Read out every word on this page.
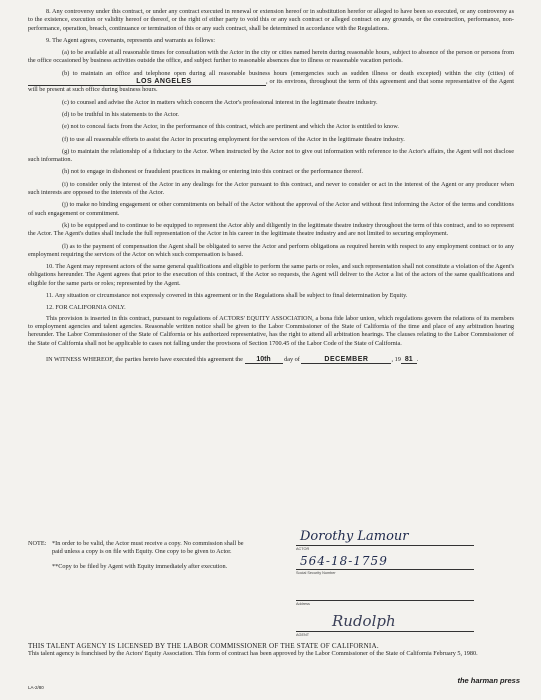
8. Any controversy under this contract, or under any contract executed in renewal or extension hereof or in substitution herefor or alleged to have been so executed, or any controversy as to the existence, execution or validity hereof or thereof, or the right of either party to void this or any such contract or alleged contract on any grounds, or the construction, performance, non-performance, operation, breach, continuance or termination of this or any such contract, shall be determined in accordance with the Regulations.

9. The Agent agrees, covenants, represents and warrants as follows:

(a) to be available at all reasonable times for consultation with the Actor in the city or cities named herein during reasonable hours, subject to absence of the person or persons from the office occasioned by business activities outside the office, and subject further to reasonable absences due to illness or reasonable vacation periods.

(b) to maintain an office and telephone open during all reasonable business hours (emergencies such as sudden illness or death excepted) within the city (cities) of LOS ANGELES	, or its environs, throughout the term of this agreement and that some representative of the Agent will be present at such office during business hours.

(c) to counsel and advise the Actor in matters which concern the Actor's professional interest in the legitimate theatre industry.

(d) to be truthful in his statements to the Actor.

(e) not to conceal facts from the Actor, in the performance of this contract, which are pertinent and which the Actor is entitled to know.

(f) to use all reasonable efforts to assist the Actor in procuring employment for the services of the Actor in the legitimate theatre industry.

(g) to maintain the relationship of a fiduciary to the Actor. When instructed by the Actor not to give out information with reference to the Actor's affairs, the Agent will not disclose such information.

(h) not to engage in dishonest or fraudulent practices in making or entering into this contract or the performance thereof.

(i) to consider only the interest of the Actor in any dealings for the Actor pursuant to this contract, and never to consider or act in the interest of the Agent or any producer when such interests are opposed to the interests of the Actor.

(j) to make no binding engagement or other commitments on behalf of the Actor without the approval of the Actor and without first informing the Actor of the terms and conditions of such engagement or commitment.

(k) to be equipped and to continue to be equipped to represent the Actor ably and diligently in the legitimate theatre industry throughout the term of this contract, and to so represent the Actor. The Agent's duties shall include the full representation of the Actor in his career in the legitimate theatre industry and are not limited to securing employment.

(l) as to the payment of compensation the Agent shall be obligated to serve the Actor and perform obligations as required herein with respect to any employment contract or to any employment requiring the services of the Actor on which such compensation is based.

10. The Agent may represent actors of the same general qualifications and eligible to perform the same parts or roles, and such representation shall not constitute a violation of the Agent's obligations hereunder. The Agent agrees that prior to the execution of this contract, if the Actor so requests, the Agent will deliver to the Actor a list of the actors of the same qualifications and eligible for the same parts or roles; represented by the Agent.

11. Any situation or circumstance not expressly covered in this agreement or in the Regulations shall be subject to final determination by Equity.

12. FOR CALIFORNIA ONLY.

This provision is inserted in this contract, pursuant to regulations of ACTORS' EQUITY ASSOCIATION, a bona fide labor union, which regulations govern the relations of its members to employment agencies and talent agencies. Reasonable written notice shall be given to the Labor Commissioner of the State of California of the time and place of any arbitration hearing hereunder. The Labor Commissioner of the State of California or his authorized representative, has the right to attend all arbitration hearings. The clauses relating to the Labor Commissioner of the State of California shall not be applicable to cases not falling under the provisons of Section 1700.45 of the Labor Code of the State of California.

IN WITNESS WHEREOF, the parties hereto have executed this agreement the 10th day of	DECEMBER	, 19 81 .

NOTE: *In order to be valid, the Actor must receive a copy. No commission shall be paid unless a copy is on file with Equity. One copy to be given to Actor.
**Copy to be filed by Agent with Equity immediately after execution.
Dorothy Lamour
ACTOR
564-18-1759
Social Security Number
Address
Rudolph
AGENT
THIS TALENT AGENCY IS LICENSED BY THE LABOR COMMISSIONER OF THE STATE OF CALIFORNIA.
This talent agency is franchised by the Actors' Equity Association. This form of contract has been approved by the Labor Commissioner of the State of California February 5, 1980.
LA-2/80
the harman press
